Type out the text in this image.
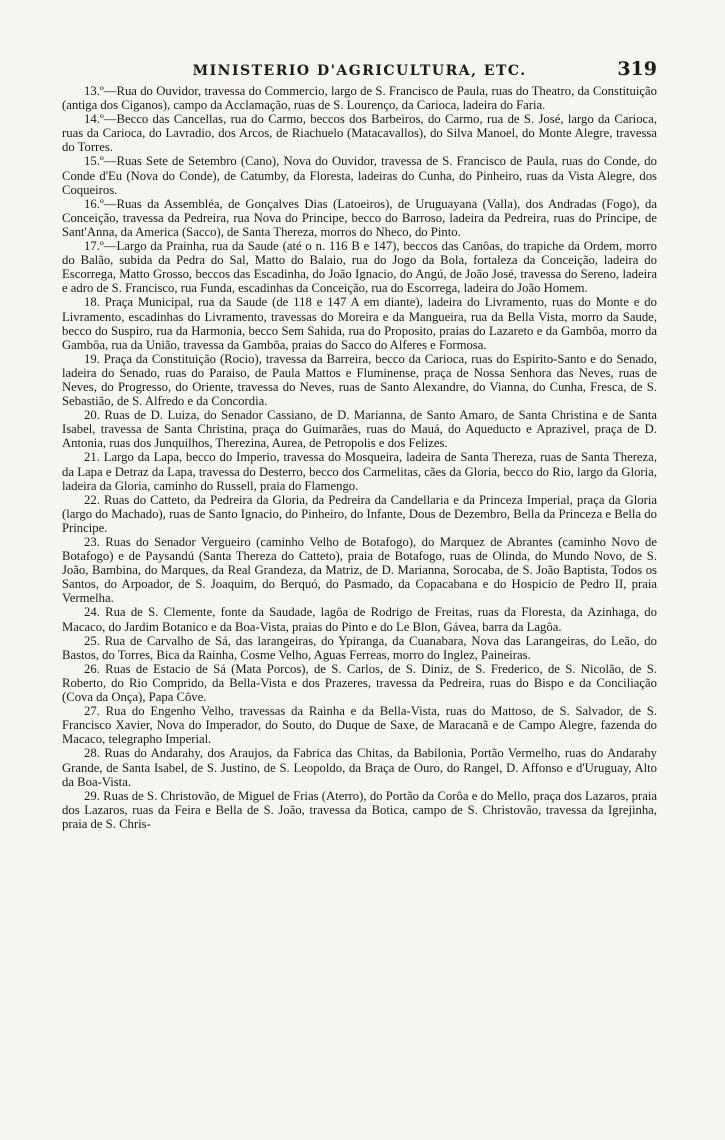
MINISTERIO D'AGRICULTURA, ETC.	319

13.º—Rua do Ouvidor, travessa do Commercio, largo de S. Francisco de Paula, ruas do Theatro, da Constituição (antiga dos Ciganos), campo da Acclamação, ruas de S. Lourenço, da Carioca, ladeira do Faria.

14.º—Becco das Cancellas, rua do Carmo, beccos dos Barbeiros, do Carmo, rua de S. José, largo da Carioca, ruas da Carioca, do Lavradio, dos Arcos, de Riachuelo (Matacavallos), do Silva Manoel, do Monte Alegre, travessa do Torres.

15.º—Ruas Sete de Setembro (Cano), Nova do Ouvidor, travessa de S. Francisco de Paula, ruas do Conde, do Conde d'Eu (Nova do Conde), de Catumby, da Floresta, ladeiras do Cunha, do Pinheiro, ruas da Vista Alegre, dos Coqueiros.

16.º—Ruas da Assembléa, de Gonçalves Dias (Latoeiros), de Uruguayana (Valla), dos Andradas (Fogo), da Conceição, travessa da Pedreira, rua Nova do Principe, becco do Barroso, ladeira da Pedreira, ruas do Principe, de Sant'Anna, da America (Sacco), de Santa Thereza, morros do Nheco, do Pinto.

17.º—Largo da Prainha, rua da Saude (até o n. 116 B e 147), beccos das Canôas, do trapiche da Ordem, morro do Balão, subida da Pedra do Sal, Matto do Balaio, rua do Jogo da Bola, fortaleza da Conceição, ladeira do Escorrega, Matto Grosso, beccos das Escadinha, do João Ignacio, do Angú, de João José, travessa do Sereno, ladeira e adro de S. Francisco, rua Funda, escadinhas da Conceição, rua do Escorrega, ladeira do João Homem.

18. Praça Municipal, rua da Saude (de 118 e 147 A em diante), ladeira do Livramento, ruas do Monte e do Livramento, escadinhas do Livramento, travessas do Moreira e da Mangueira, rua da Bella Vista, morro da Saude, becco do Suspiro, rua da Harmonia, becco Sem Sahida, rua do Proposito, praias do Lazareto e da Gambôa, morro da Gambôa, rua da União, travessa da Gambôa, praias do Sacco do Alferes e Formosa.

19. Praça da Constituição (Rocio), travessa da Barreira, becco da Carioca, ruas do Espirito-Santo e do Senado, ladeira do Senado, ruas do Paraiso, de Paula Mattos e Fluminense, praça de Nossa Senhora das Neves, ruas de Neves, do Progresso, do Oriente, travessa do Neves, ruas de Santo Alexandre, do Vianna, do Cunha, Fresca, de S. Sebastião, de S. Alfredo e da Concordia.

20. Ruas de D. Luiza, do Senador Cassiano, de D. Marianna, de Santo Amaro, de Santa Christina e de Santa Isabel, travessa de Santa Christina, praça do Guimarães, ruas do Mauá, do Aqueducto e Aprazivel, praça de D. Antonia, ruas dos Junquilhos, Therezina, Aurea, de Petropolis e dos Felizes.

21. Largo da Lapa, becco do Imperio, travessa do Mosqueira, ladeira de Santa Thereza, ruas de Santa Thereza, da Lapa e Detraz da Lapa, travessa do Desterro, becco dos Carmelitas, cães da Gloria, becco do Rio, largo da Gloria, ladeira da Gloria, caminho do Russell, praia do Flamengo.

22. Ruas do Catteto, da Pedreira da Gloria, da Pedreira da Candellaria e da Princeza Imperial, praça da Gloria (largo do Machado), ruas de Santo Ignacio, do Pinheiro, do Infante, Dous de Dezembro, Bella da Princeza e Bella do Principe.

23. Ruas do Senador Vergueiro (caminho Velho de Botafogo), do Marquez de Abrantes (caminho Novo de Botafogo) e de Paysandú (Santa Thereza do Catteto), praia de Botafogo, ruas de Olinda, do Mundo Novo, de S. João, Bambina, do Marques, da Real Grandeza, da Matriz, de D. Marianna, Sorocaba, de S. João Baptista, Todos os Santos, do Arpoador, de S. Joaquim, do Berquó, do Pasmado, da Copacabana e do Hospicio de Pedro II, praia Vermelha.

24. Rua de S. Clemente, fonte da Saudade, lagôa de Rodrigo de Freitas, ruas da Floresta, da Azinhaga, do Macaco, do Jardim Botanico e da Boa-Vista, praias do Pinto e do Le Blon, Gávea, barra da Lagôa.

25. Rua de Carvalho de Sá, das larangeiras, do Ypiranga, da Cuanabara, Nova das Larangeiras, do Leão, do Bastos, do Torres, Bica da Rainha, Cosme Velho, Aguas Ferreas, morro do Inglez, Paineiras.

26. Ruas de Estacio de Sá (Mata Porcos), de S. Carlos, de S. Diniz, de S. Frederico, de S. Nicolão, de S. Roberto, do Rio Comprido, da Bella-Vista e dos Prazeres, travessa da Pedreira, ruas do Bispo e da Conciliação (Cova da Onça), Papa Côve.

27. Rua do Engenho Velho, travessas da Rainha e da Bella-Vista, ruas do Mattoso, de S. Salvador, de S. Francisco Xavier, Nova do Imperador, do Souto, do Duque de Saxe, de Maracanã e de Campo Alegre, fazenda do Macaco, telegrapho Imperial.

28. Ruas do Andarahy, dos Araujos, da Fabrica das Chitas, da Babilonia, Portão Vermelho, ruas do Andarahy Grande, de Santa Isabel, de S. Justino, de S. Leopoldo, da Braça de Ouro, do Rangel, D. Affonso e d'Uruguay, Alto da Boa-Vista.

29. Ruas de S. Christovão, de Miguel de Frias (Aterro), do Portão da Corôa e do Mello, praça dos Lazaros, praia dos Lazaros, ruas da Feira e Bella de S. João, travessa da Botica, campo de S. Christovão, travessa da Igrejinha, praia de S. Chris-
